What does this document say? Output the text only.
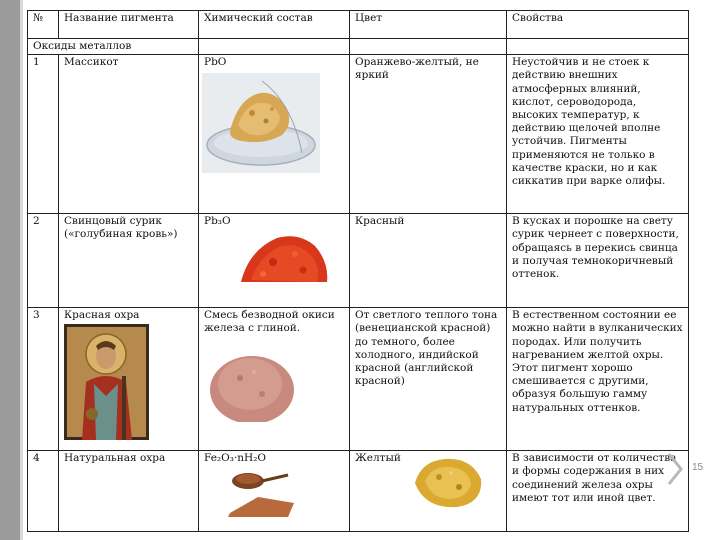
№	Название пигмента	Химический состав	Цвет	Свойства
Оксиды металлов				
1	Массикот	PbO	Оранжево-желтый, не яркий	Неустойчив и не стоек к действию внешних атмосферных влияний, кислот, сероводорода, высоких температур, к действию щелочей вполне устойчив. Пигменты применяются не только в качестве краски, но и как сиккатив при варке олифы.
2	Свинцовый сурик («голубиная кровь»)	Pb₃O	Красный	В кусках и порошке на свету сурик чернеет с поверхности, обращаясь в перекись свинца и получая темнокоричневый оттенок.
3	Красная охра	Смесь безводной окиси железа с глиной.	От светлого теплого тона (венецианской красной) до темного, более холодного, индийской красной (английской красной)	В естественном состоянии ее можно найти в вулканических породах. Или получить нагреванием желтой охры. Этот пигмент хорошо смешивается с другими, образуя большую гамму натуральных оттенков.
4	Натуральная охра	Fe₂O₃·nH₂O	Желтый	В зависимости от количества и формы содержания в них соединений железа охры имеют тот или иной цвет.
15
